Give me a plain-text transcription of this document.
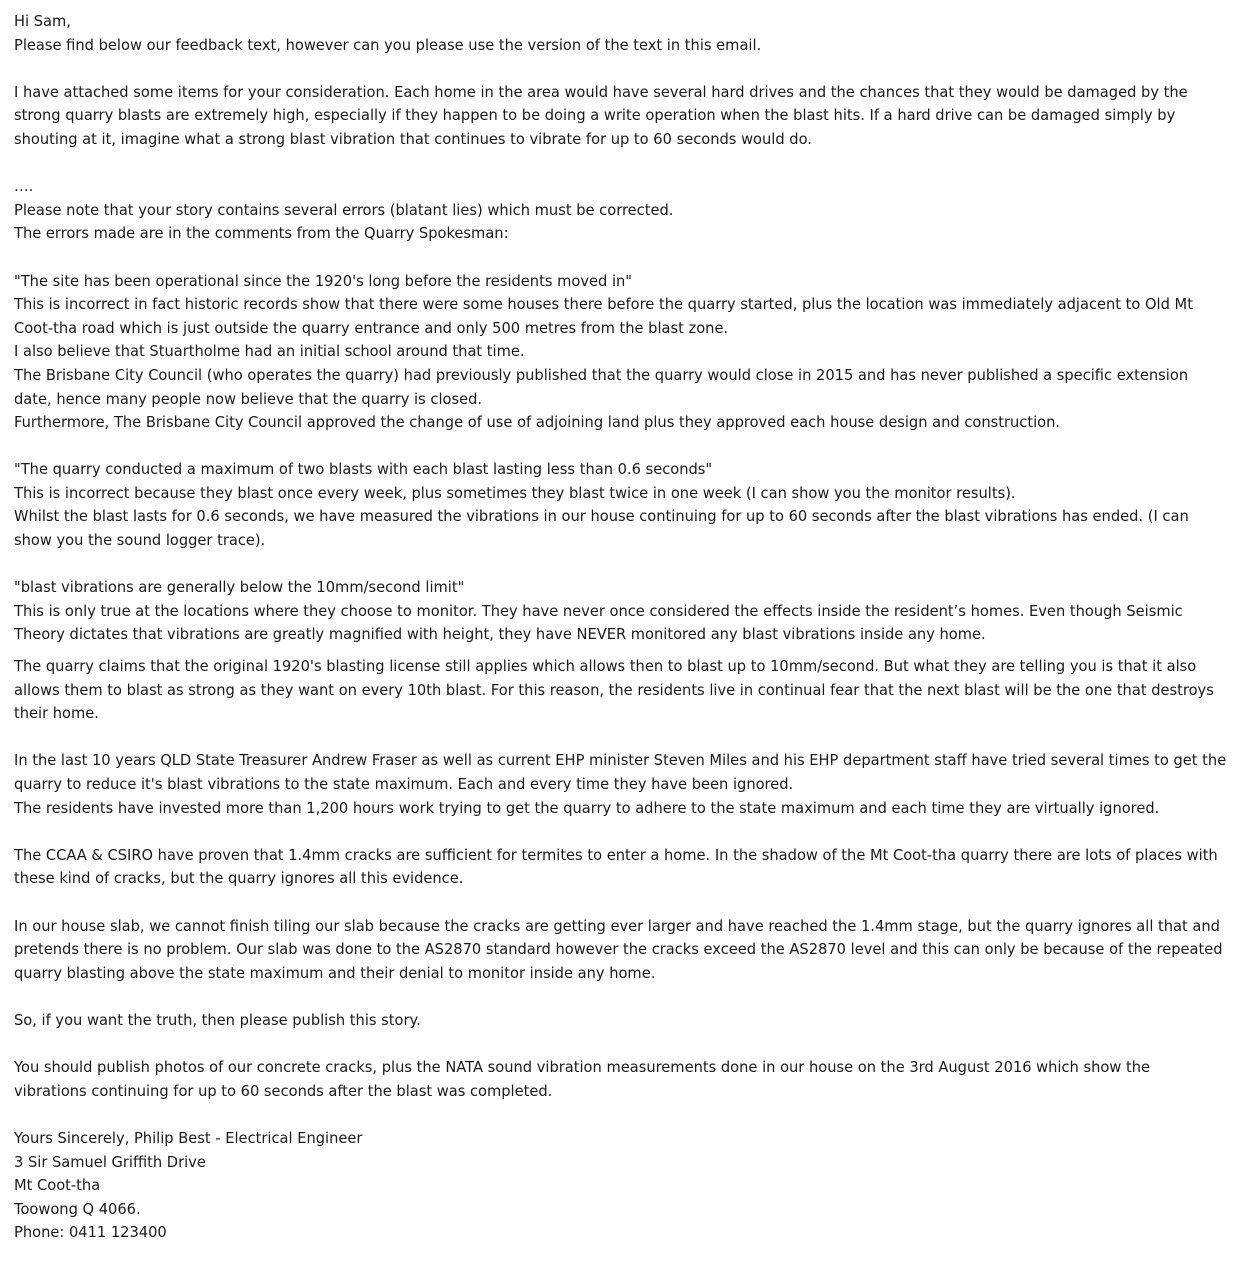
Hi Sam,
Please find below our feedback text, however can you please use the version of the text in this email.
I have attached some items for your consideration. Each home in the area would have several hard drives and the chances that they would be damaged by the
strong quarry blasts are extremely high, especially if they happen to be doing a write operation when the blast hits. If a hard drive can be damaged simply by
shouting at it, imagine what a strong blast vibration that continues to vibrate for up to 60 seconds would do.
….
Please note that your story contains several errors (blatant lies) which must be corrected.
The errors made are in the comments from the Quarry Spokesman:
"The site has been operational since the 1920's long before the residents moved in"
This is incorrect in fact historic records show that there were some houses there before the quarry started, plus the location was immediately adjacent to Old Mt
Coot-tha road which is just outside the quarry entrance and only 500 metres from the blast zone.
I also believe that Stuartholme had an initial school around that time.
The Brisbane City Council (who operates the quarry) had previously published that the quarry would close in 2015 and has never published a specific extension
date, hence many people now believe that the quarry is closed.
Furthermore, The Brisbane City Council approved the change of use of adjoining land plus they approved each house design and construction.
"The quarry conducted a maximum of two blasts with each blast lasting less than 0.6 seconds"
This is incorrect because they blast once every week, plus sometimes they blast twice in one week (I can show you the monitor results).
Whilst the blast lasts for 0.6 seconds, we have measured the vibrations in our house continuing for up to 60 seconds after the blast vibrations has ended. (I can
show you the sound logger trace).
"blast vibrations are generally below the 10mm/second limit"
This is only true at the locations where they choose to monitor. They have never once considered the effects inside the resident’s homes. Even though Seismic
Theory dictates that vibrations are greatly magnified with height, they have NEVER monitored any blast vibrations inside any home.
The quarry claims that the original 1920's blasting license still applies which allows then to blast up to 10mm/second. But what they are telling you is that it also
allows them to blast as strong as they want on every 10th blast. For this reason, the residents live in continual fear that the next blast will be the one that destroys
their home.
In the last 10 years QLD State Treasurer Andrew Fraser as well as current EHP minister Steven Miles and his EHP department staff have tried several times to get the
quarry to reduce it's blast vibrations to the state maximum. Each and every time they have been ignored.
The residents have invested more than 1,200 hours work trying to get the quarry to adhere to the state maximum and each time they are virtually ignored.
The CCAA & CSIRO have proven that 1.4mm cracks are sufficient for termites to enter a home. In the shadow of the Mt Coot-tha quarry there are lots of places with
these kind of cracks, but the quarry ignores all this evidence.
In our house slab, we cannot finish tiling our slab because the cracks are getting ever larger and have reached the 1.4mm stage, but the quarry ignores all that and
pretends there is no problem. Our slab was done to the AS2870 standard however the cracks exceed the AS2870 level and this can only be because of the repeated
quarry blasting above the state maximum and their denial to monitor inside any home.
So, if you want the truth, then please publish this story.
You should publish photos of our concrete cracks, plus the NATA sound vibration measurements done in our house on the 3rd August 2016 which show the
vibrations continuing for up to 60 seconds after the blast was completed.
Yours Sincerely, Philip Best - Electrical Engineer
3 Sir Samuel Griffith Drive
Mt Coot-tha
Toowong Q 4066.
Phone: 0411 123400
